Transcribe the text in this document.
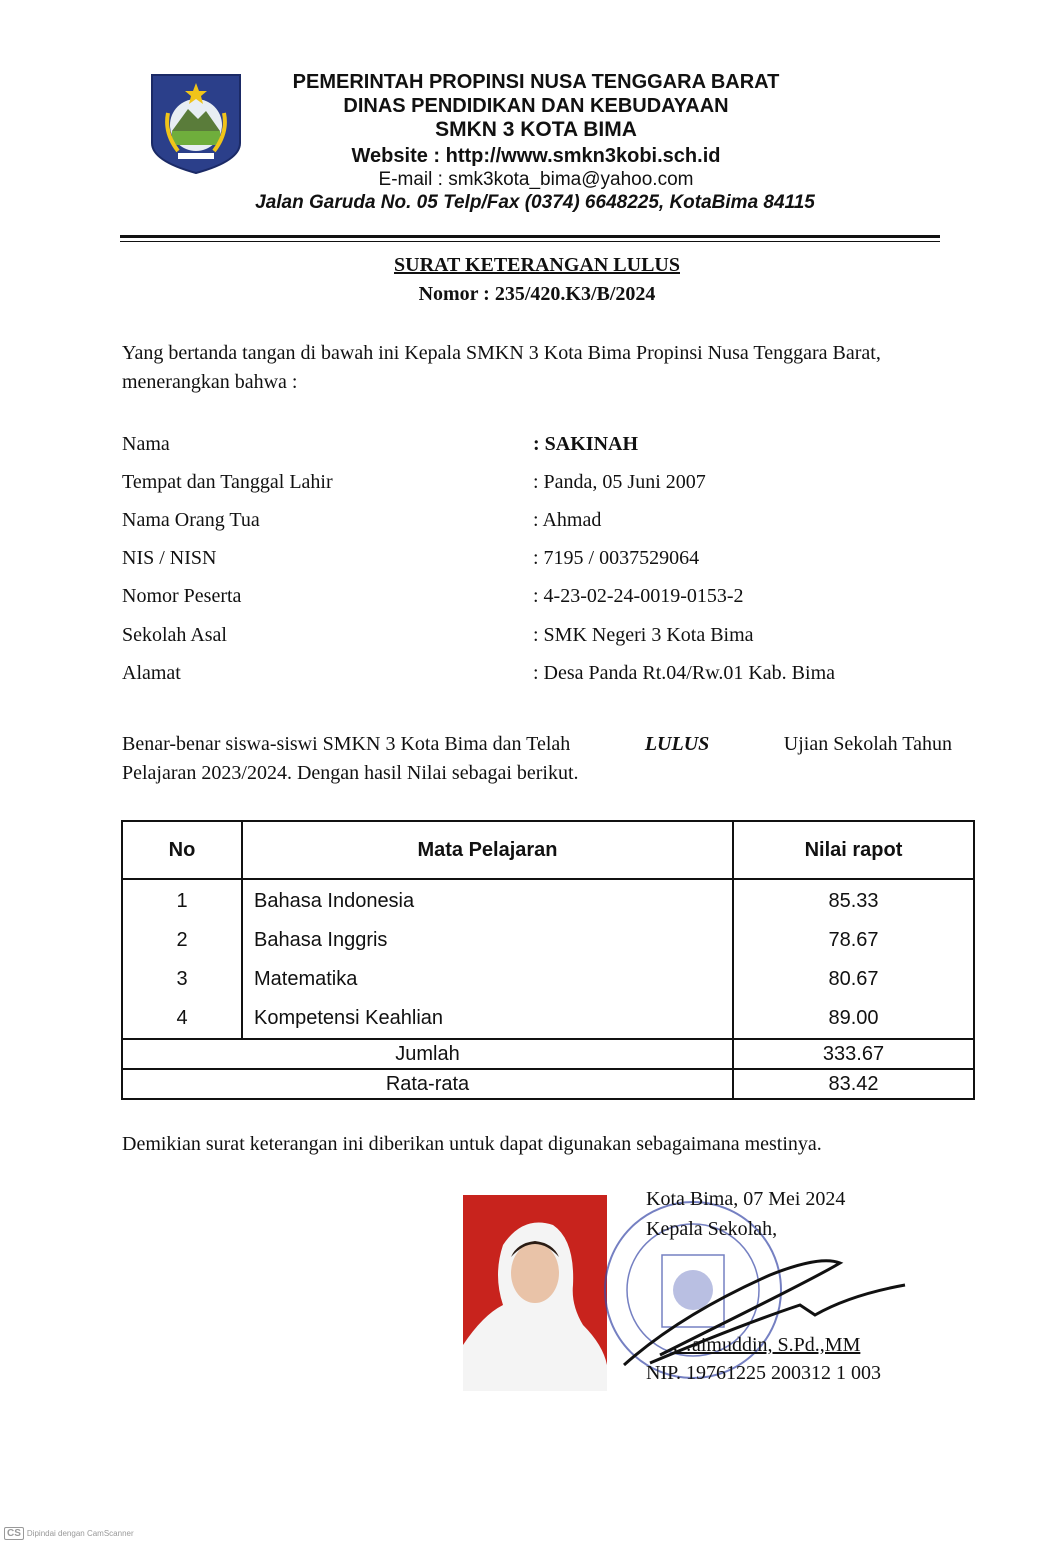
PEMERINTAH PROPINSI NUSA TENGGARA BARAT
DINAS PENDIDIKAN DAN KEBUDAYAAN
SMKN 3 KOTA BIMA
Website : http://www.smkn3kobi.sch.id
E-mail : smk3kota_bima@yahoo.com
Jalan Garuda No. 05 Telp/Fax (0374) 6648225, KotaBima 84115
SURAT KETERANGAN LULUS
Nomor : 235/420.K3/B/2024
Yang bertanda tangan di bawah ini Kepala SMKN 3 Kota Bima Propinsi Nusa Tenggara Barat, menerangkan bahwa :
Nama	: SAKINAH
Tempat dan Tanggal Lahir	: Panda, 05 Juni 2007
Nama Orang Tua	: Ahmad
NIS / NISN	: 7195 / 0037529064
Nomor Peserta	: 4-23-02-24-0019-0153-2
Sekolah Asal	: SMK Negeri 3 Kota Bima
Alamat	: Desa Panda Rt.04/Rw.01 Kab. Bima
Benar-benar siswa-siswi SMKN 3 Kota Bima dan Telah	LULUS	Ujian Sekolah Tahun
Pelajaran 2023/2024. Dengan hasil Nilai sebagai berikut.
No	Mata Pelajaran	Nilai rapot
1	Bahasa Indonesia	85.33
2	Bahasa Inggris	78.67
3	Matematika	80.67
4	Kompetensi Keahlian	89.00
Jumlah		333.67
Rata-rata		83.42
Demikian surat keterangan ini diberikan untuk dapat digunakan sebagaimana mestinya.
Kota Bima, 07 Mei 2024
Kepala Sekolah,
…aimuddin, S.Pd.,MM
NIP. 19761225 200312 1 003
CS Dipindai dengan CamScanner
